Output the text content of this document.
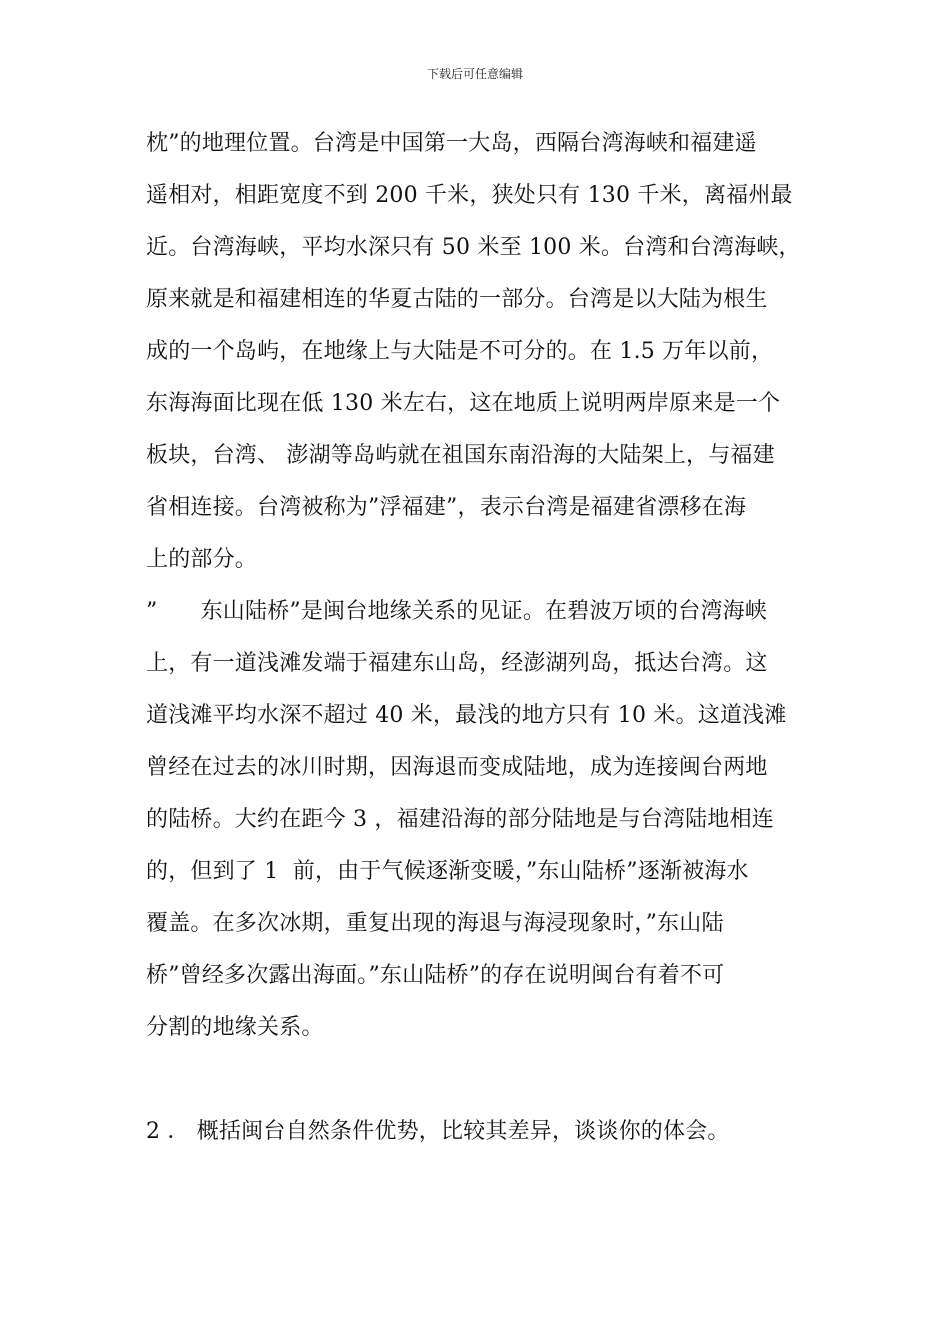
下载后可任意编辑
枕”的地理位置。台湾是中国第一大岛，西隔台湾海峡和福建遥
遥相对，相距宽度不到 200 千米，狭处只有 130 千米，离福州最
近。台湾海峡，平均水深只有 50 米至 100 米。台湾和台湾海峡，
原来就是和福建相连的华夏古陆的一部分。台湾是以大陆为根生
成的一个岛屿，在地缘上与大陆是不可分的。在 1.5 万年以前，
东海海面比现在低 130 米左右，这在地质上说明两岸原来是一个
板块，台湾、 澎湖等岛屿就在祖国东南沿海的大陆架上，与福建
省相连接。台湾被称为”浮福建”，表示台湾是福建省漂移在海
上的部分。
”      东山陆桥”是闽台地缘关系的见证。在碧波万顷的台湾海峡
上，有一道浅滩发端于福建东山岛，经澎湖列岛，抵达台湾。这
道浅滩平均水深不超过 40 米，最浅的地方只有 10 米。这道浅滩
曾经在过去的冰川时期，因海退而变成陆地，成为连接闽台两地
的陆桥。大约在距今 3 ，福建沿海的部分陆地是与台湾陆地相连
的，但到了 1  前，由于气候逐渐变暖，”东山陆桥”逐渐被海水
覆盖。在多次冰期，重复出现的海退与海浸现象时，”东山陆
桥”曾经多次露出海面。”东山陆桥”的存在说明闽台有着不可
分割的地缘关系。
2 ． 概括闽台自然条件优势，比较其差异，谈谈你的体会。
